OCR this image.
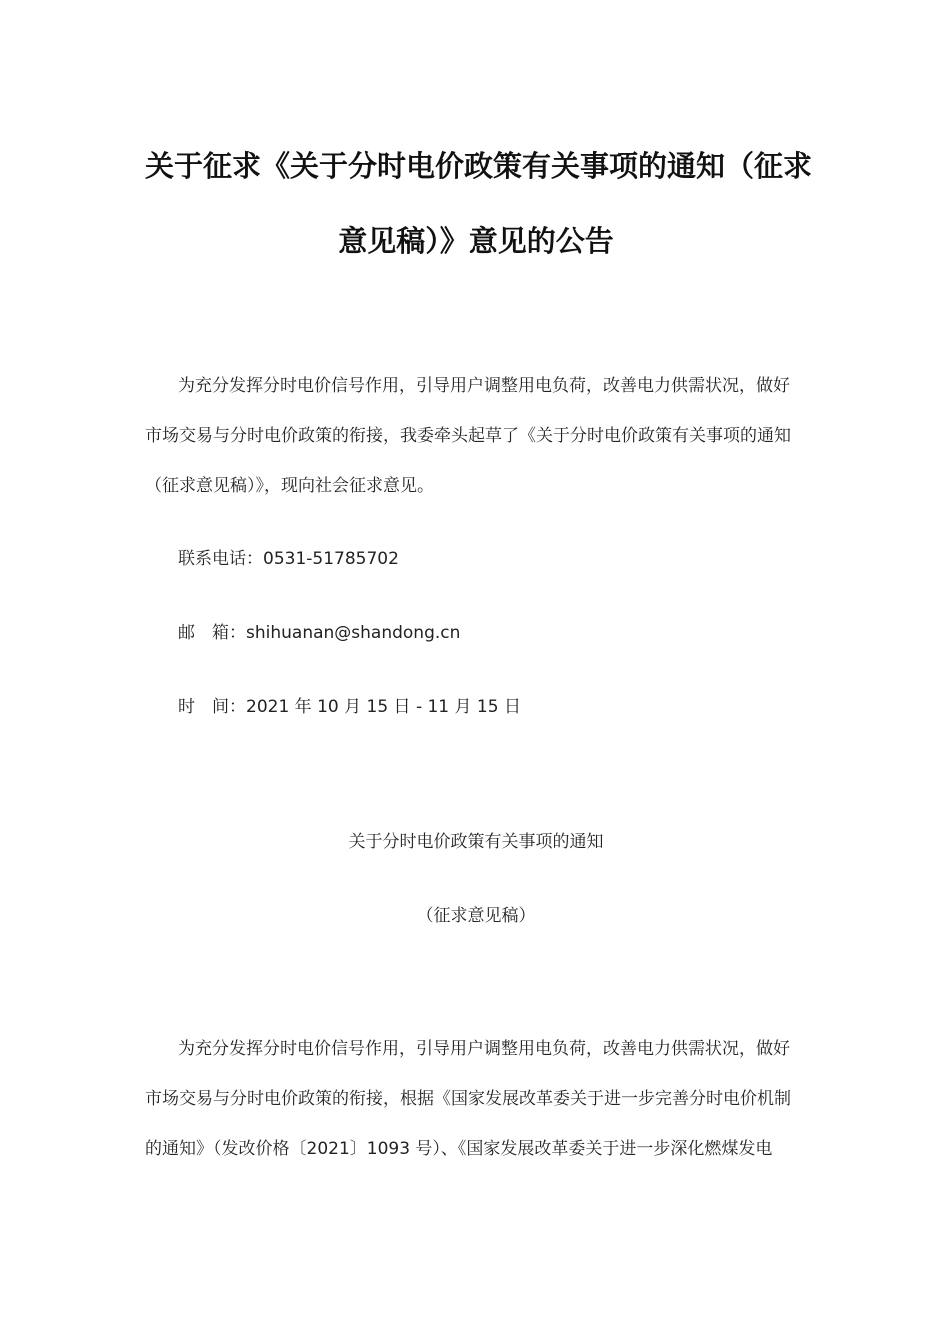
关于征求《关于分时电价政策有关事项的通知（征求
意见稿）》意见的公告
为充分发挥分时电价信号作用，引导用户调整用电负荷，改善电力供需状况，做好
市场交易与分时电价政策的衔接，我委牵头起草了《关于分时电价政策有关事项的通知
（征求意见稿）》，现向社会征求意见。

联系电话：0531-51785702

邮　箱：shihuanan@shandong.cn

时　间：2021 年 10 月 15 日 - 11 月 15 日

关于分时电价政策有关事项的通知

（征求意见稿）

为充分发挥分时电价信号作用，引导用户调整用电负荷，改善电力供需状况，做好
市场交易与分时电价政策的衔接，根据《国家发展改革委关于进一步完善分时电价机制
的通知》（发改价格〔2021〕1093 号）、《国家发展改革委关于进一步深化燃煤发电
